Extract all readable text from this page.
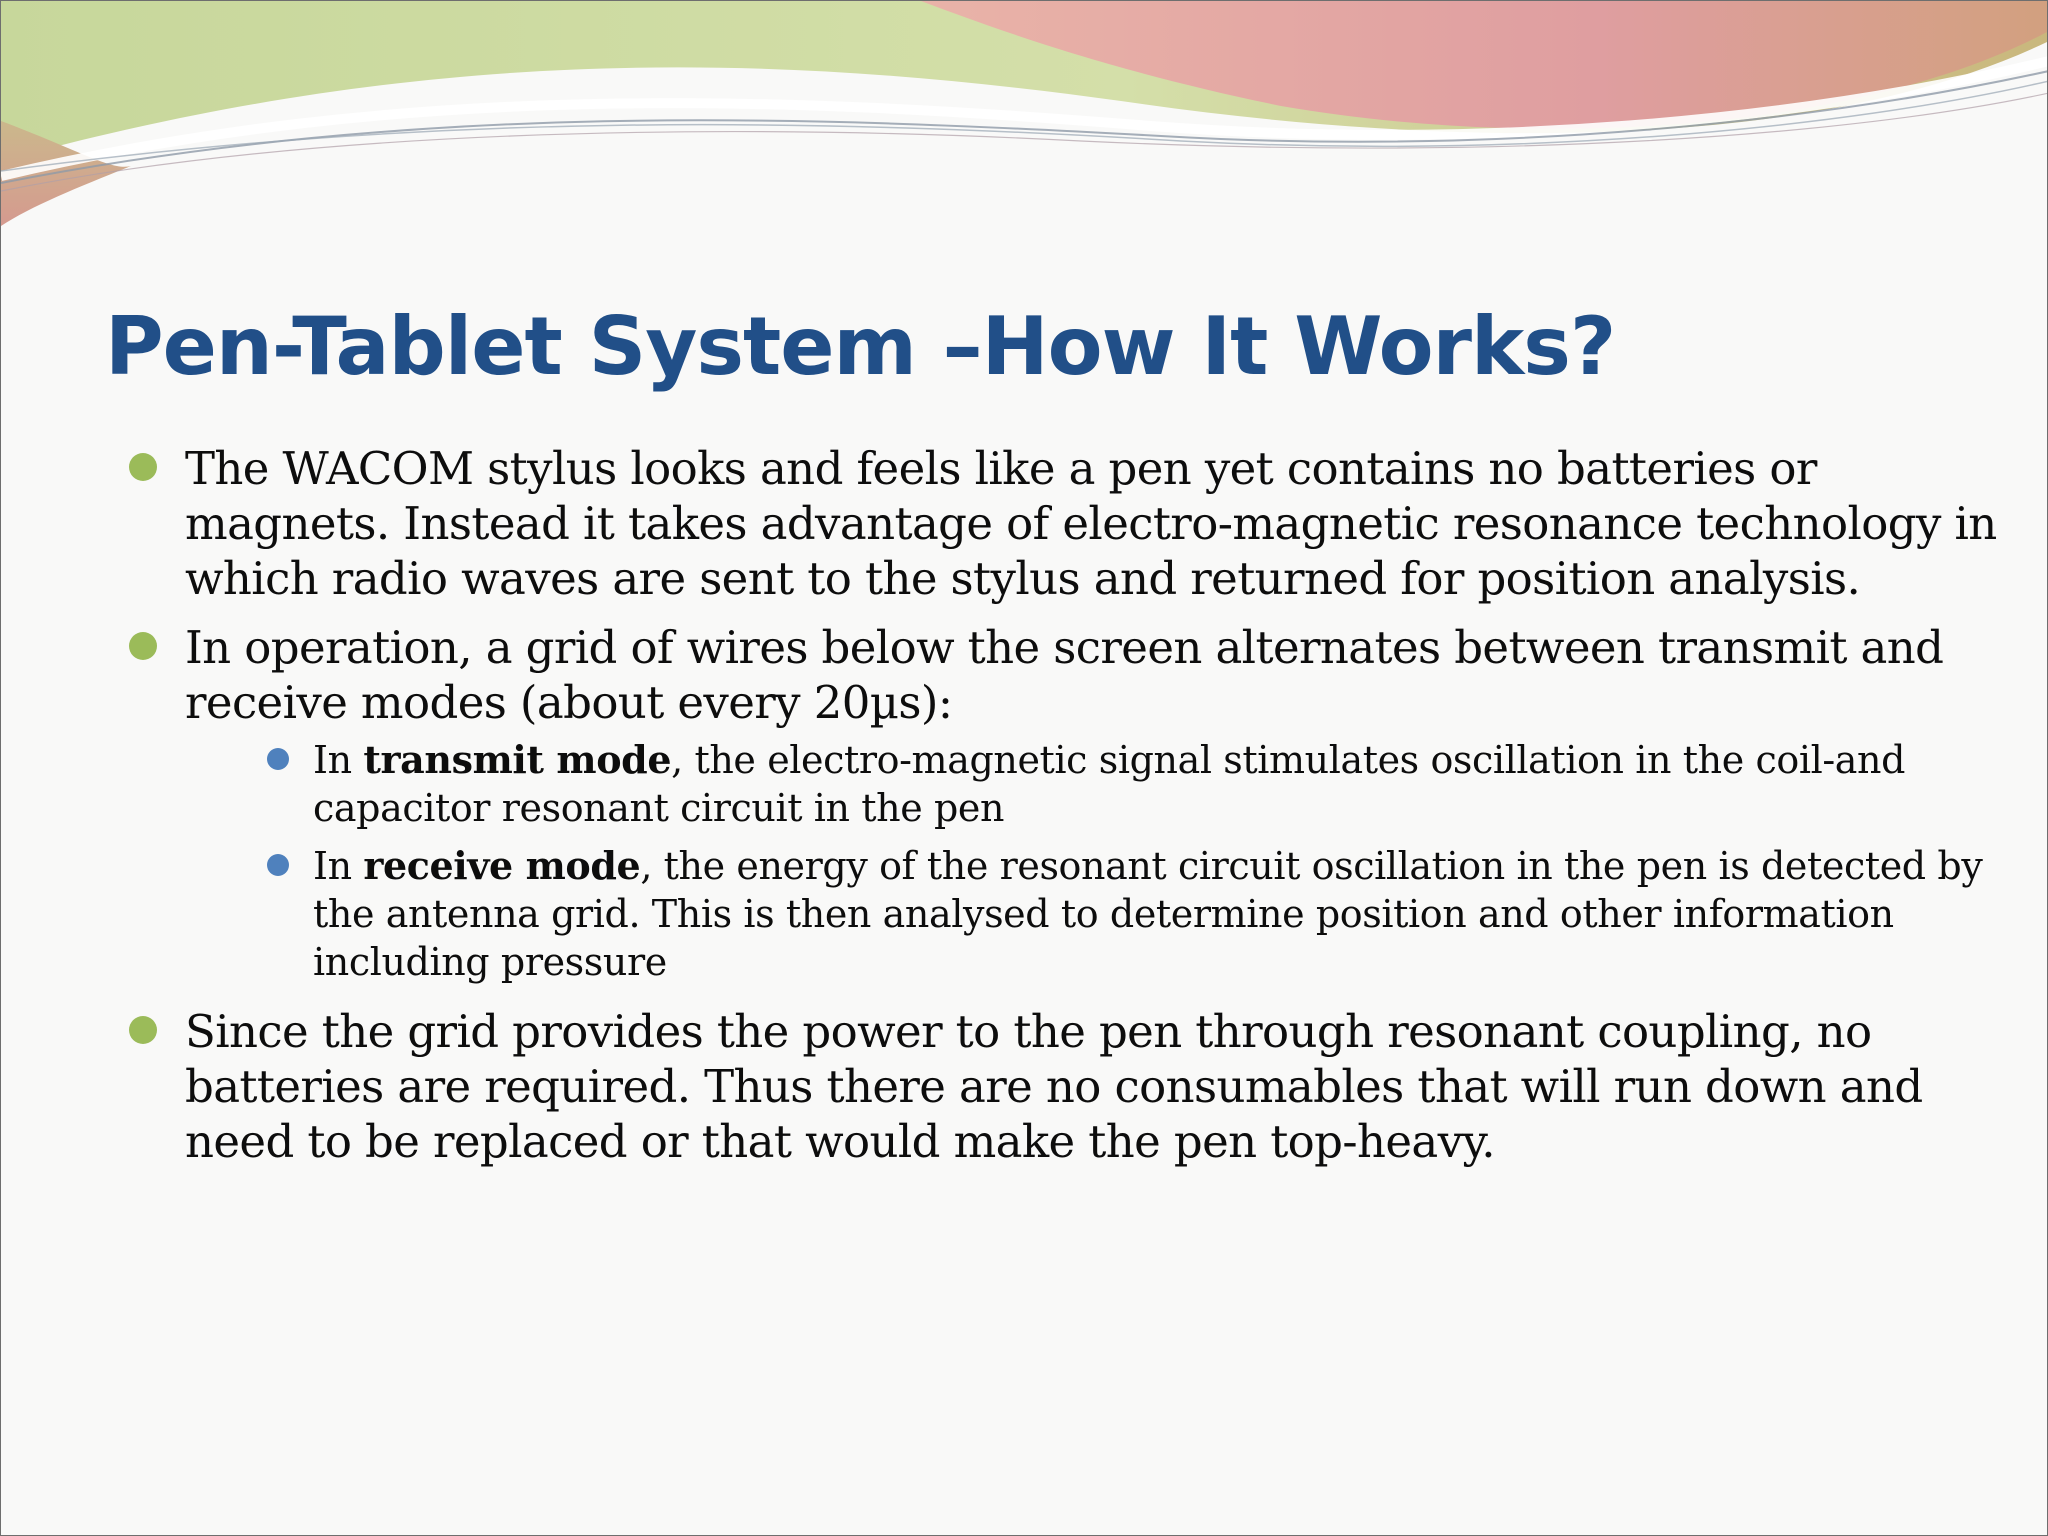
Pen-Tablet System –How It Works?
The WACOM stylus looks and feels like a pen yet contains no batteries or magnets. Instead it takes advantage of electro-magnetic resonance technology in which radio waves are sent to the stylus and returned for position analysis.
In operation, a grid of wires below the screen alternates between transmit and receive modes (about every 20µs):
In transmit mode, the electro-magnetic signal stimulates oscillation in the coil-and capacitor resonant circuit in the pen
In receive mode, the energy of the resonant circuit oscillation in the pen is detected by the antenna grid. This is then analysed to determine position and other information including pressure
Since the grid provides the power to the pen through resonant coupling, no batteries are required. Thus there are no consumables that will run down and need to be replaced or that would make the pen top-heavy.
